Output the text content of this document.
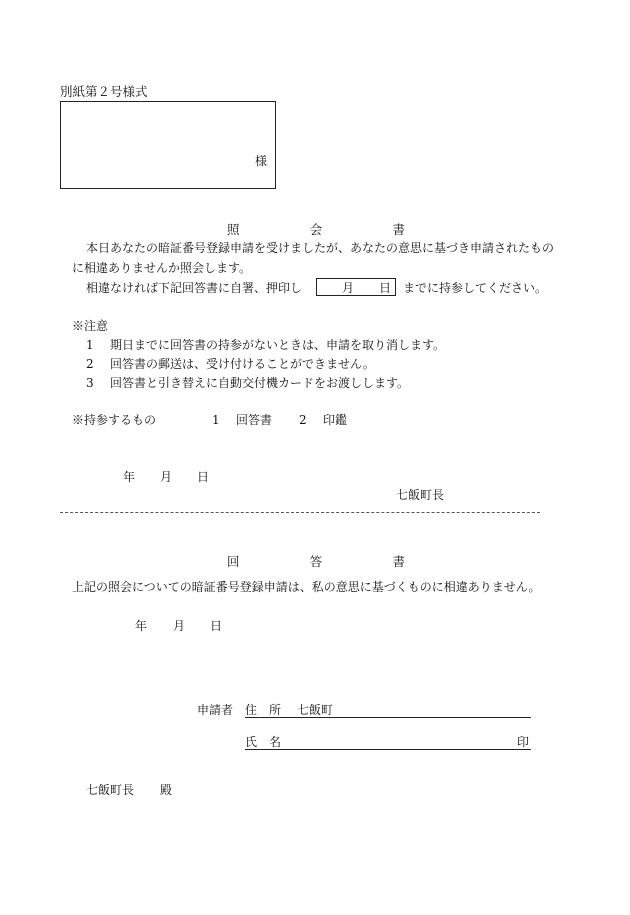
別紙第２号様式
様
照	会	書
本日あなたの暗証番号登録申請を受けましたが、あなたの意思に基づき申請されたもの
に相違ありませんか照会します。
相違なければ下記回答書に自署、押印し	月 日 までに持参してください。
※注意
1 期日までに回答書の持参がないときは、申請を取り消します。
2 回答書の郵送は、受け付けることができません。
3 回答書と引き替えに自動交付機カードをお渡しします。
※持参するもの	1 回答書 2 印鑑
年 月 日
七飯町長
回	答	書
上記の照会についての暗証番号登録申請は、私の意思に基づくものに相違ありません。
年 月 日
申請者 住　所 七飯町
氏　名	印
七飯町長 殿
